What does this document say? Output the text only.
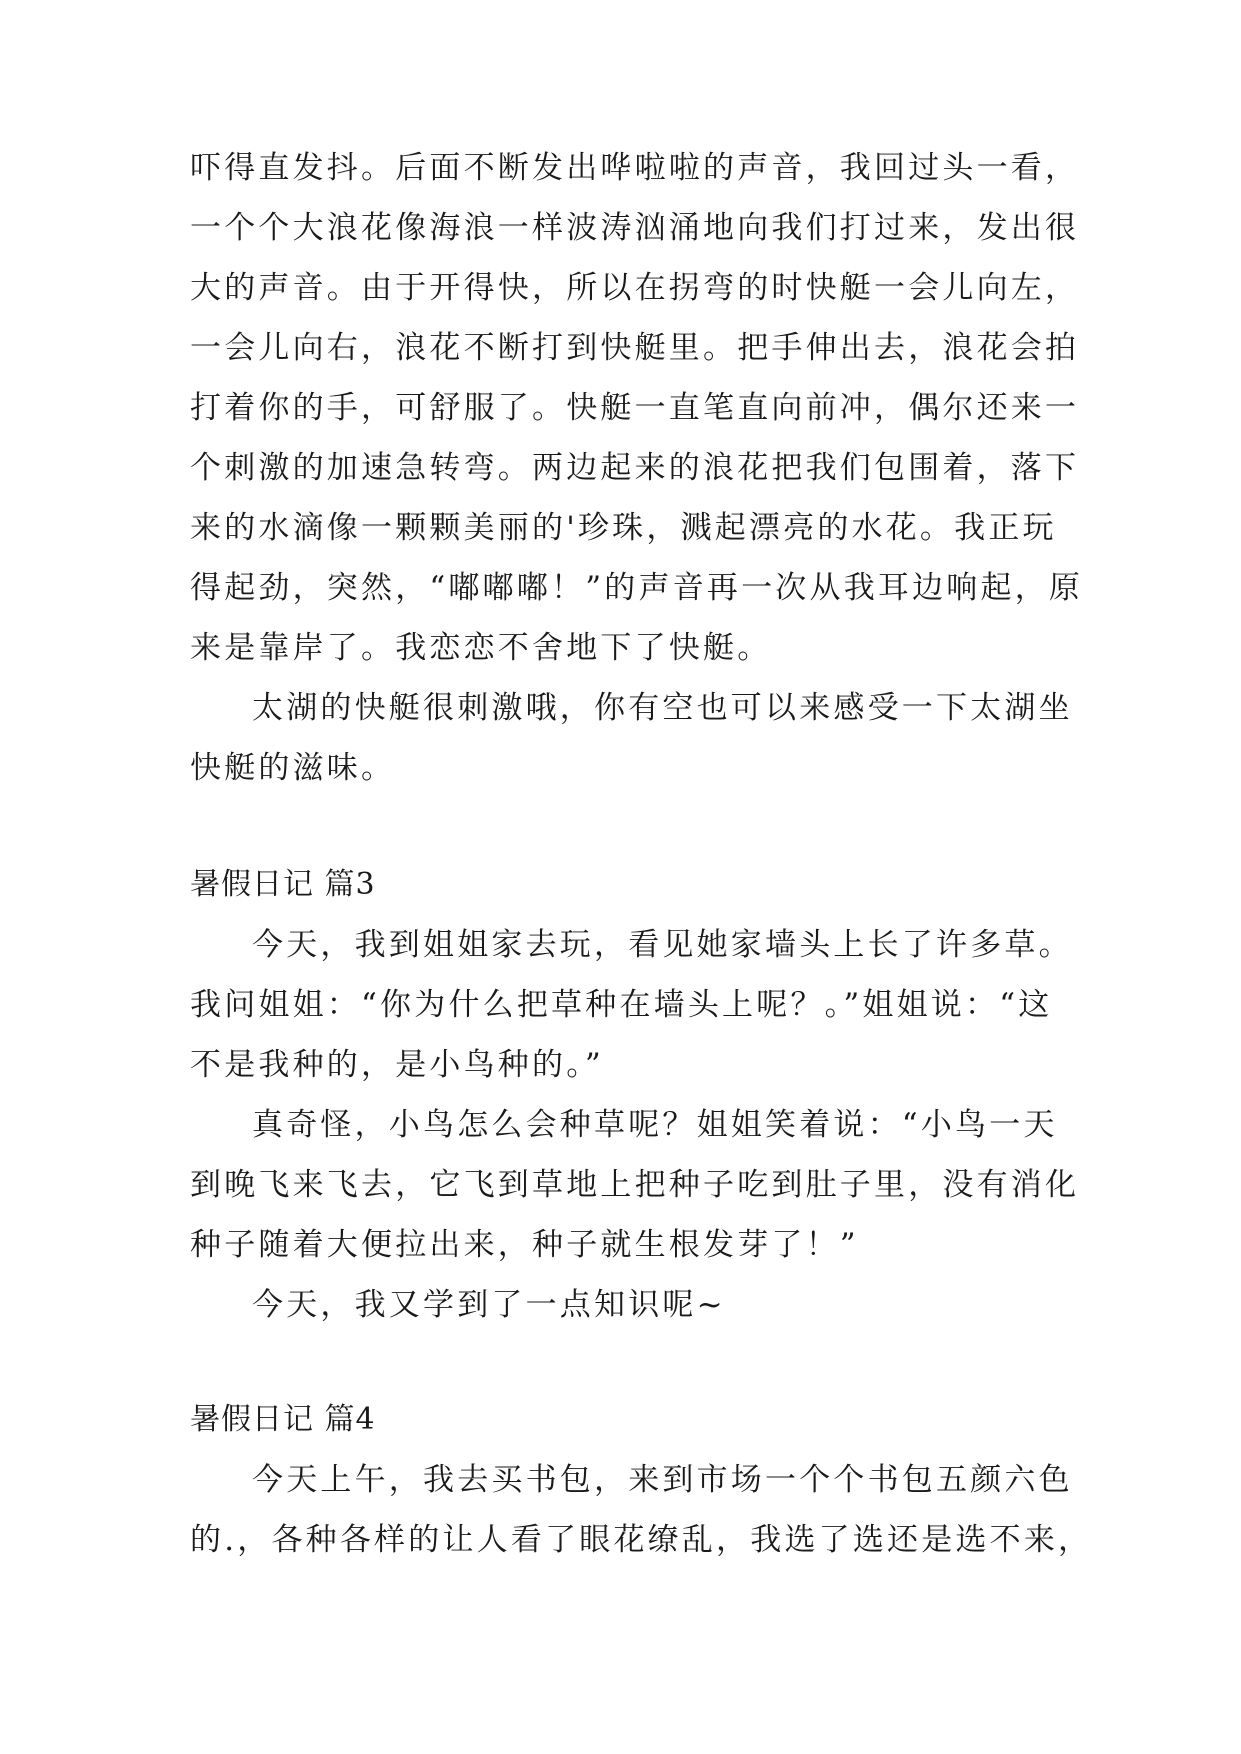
吓得直发抖。后面不断发出哗啦啦的声音，我回过头一看，
一个个大浪花像海浪一样波涛汹涌地向我们打过来，发出很
大的声音。由于开得快，所以在拐弯的时快艇一会儿向左，
一会儿向右，浪花不断打到快艇里。把手伸出去，浪花会拍
打着你的手，可舒服了。快艇一直笔直向前冲，偶尔还来一
个刺激的加速急转弯。两边起来的浪花把我们包围着，落下
来的水滴像一颗颗美丽的'珍珠，溅起漂亮的水花。我正玩
得起劲，突然，“嘟嘟嘟！”的声音再一次从我耳边响起，原
来是靠岸了。我恋恋不舍地下了快艇。
太湖的快艇很刺激哦，你有空也可以来感受一下太湖坐
快艇的滋味。
暑假日记 篇3
今天，我到姐姐家去玩，看见她家墙头上长了许多草。
我问姐姐：“你为什么把草种在墙头上呢？。”姐姐说：“这
不是我种的，是小鸟种的。”
真奇怪，小鸟怎么会种草呢？姐姐笑着说：“小鸟一天
到晚飞来飞去，它飞到草地上把种子吃到肚子里，没有消化
种子随着大便拉出来，种子就生根发芽了！”
今天，我又学到了一点知识呢~
暑假日记 篇4
今天上午，我去买书包，来到市场一个个书包五颜六色
的.，各种各样的让人看了眼花缭乱，我选了选还是选不来，
